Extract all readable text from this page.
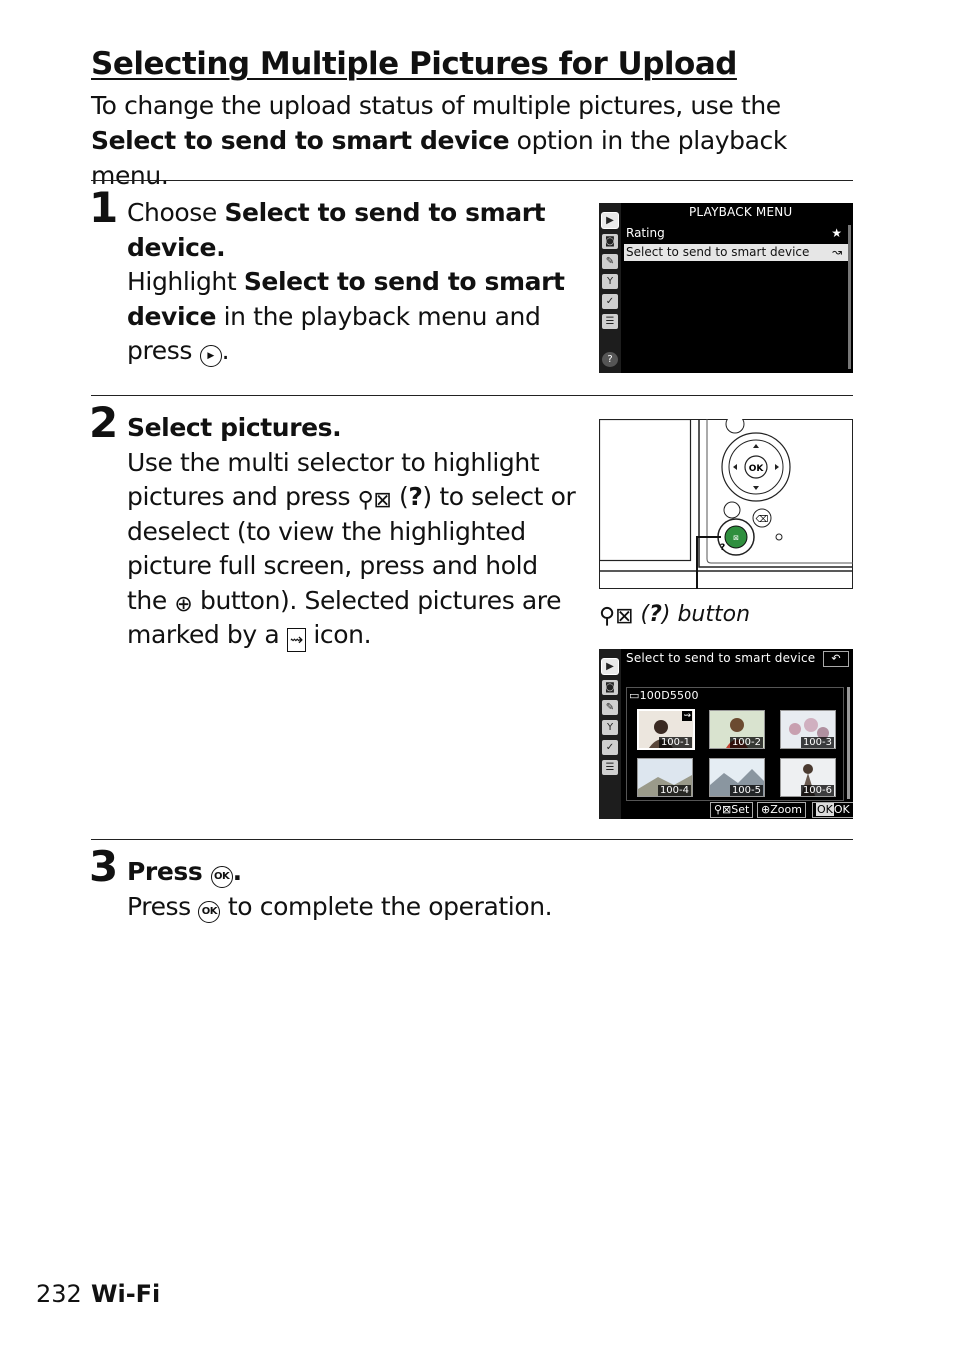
Selecting Multiple Pictures for Upload

To change the upload status of multiple pictures, use the Select to send to smart device option in the playback menu.

1 Choose Select to send to smart device.

Highlight Select to send to smart device in the playback menu and press ▶ .

▶
◙
✎
Y
✓
☰
?
PLAYBACK MENU
Rating	★
Select to send to smart device ↝
2 Select pictures.

Use the multi selector to highlight pictures and press ⚲⊠ (?) to select or deselect (to view the highlighted picture full screen, press and hold the ⊕ button). Selected pictures are marked by a ⇝ icon.

OK
⌫
⊠
?
⚲⊠ (?) button
▶
◙
✎
Y
✓
☰
Select to send to smart device	↶
▭100D5500
⇝
100-1	100-2	100-3
100-4	100-5	100-6
⚲⊠Set	⊕Zoom	OKOK
3 Press OK .

Press OK to complete the operation.

232 Wi-Fi
